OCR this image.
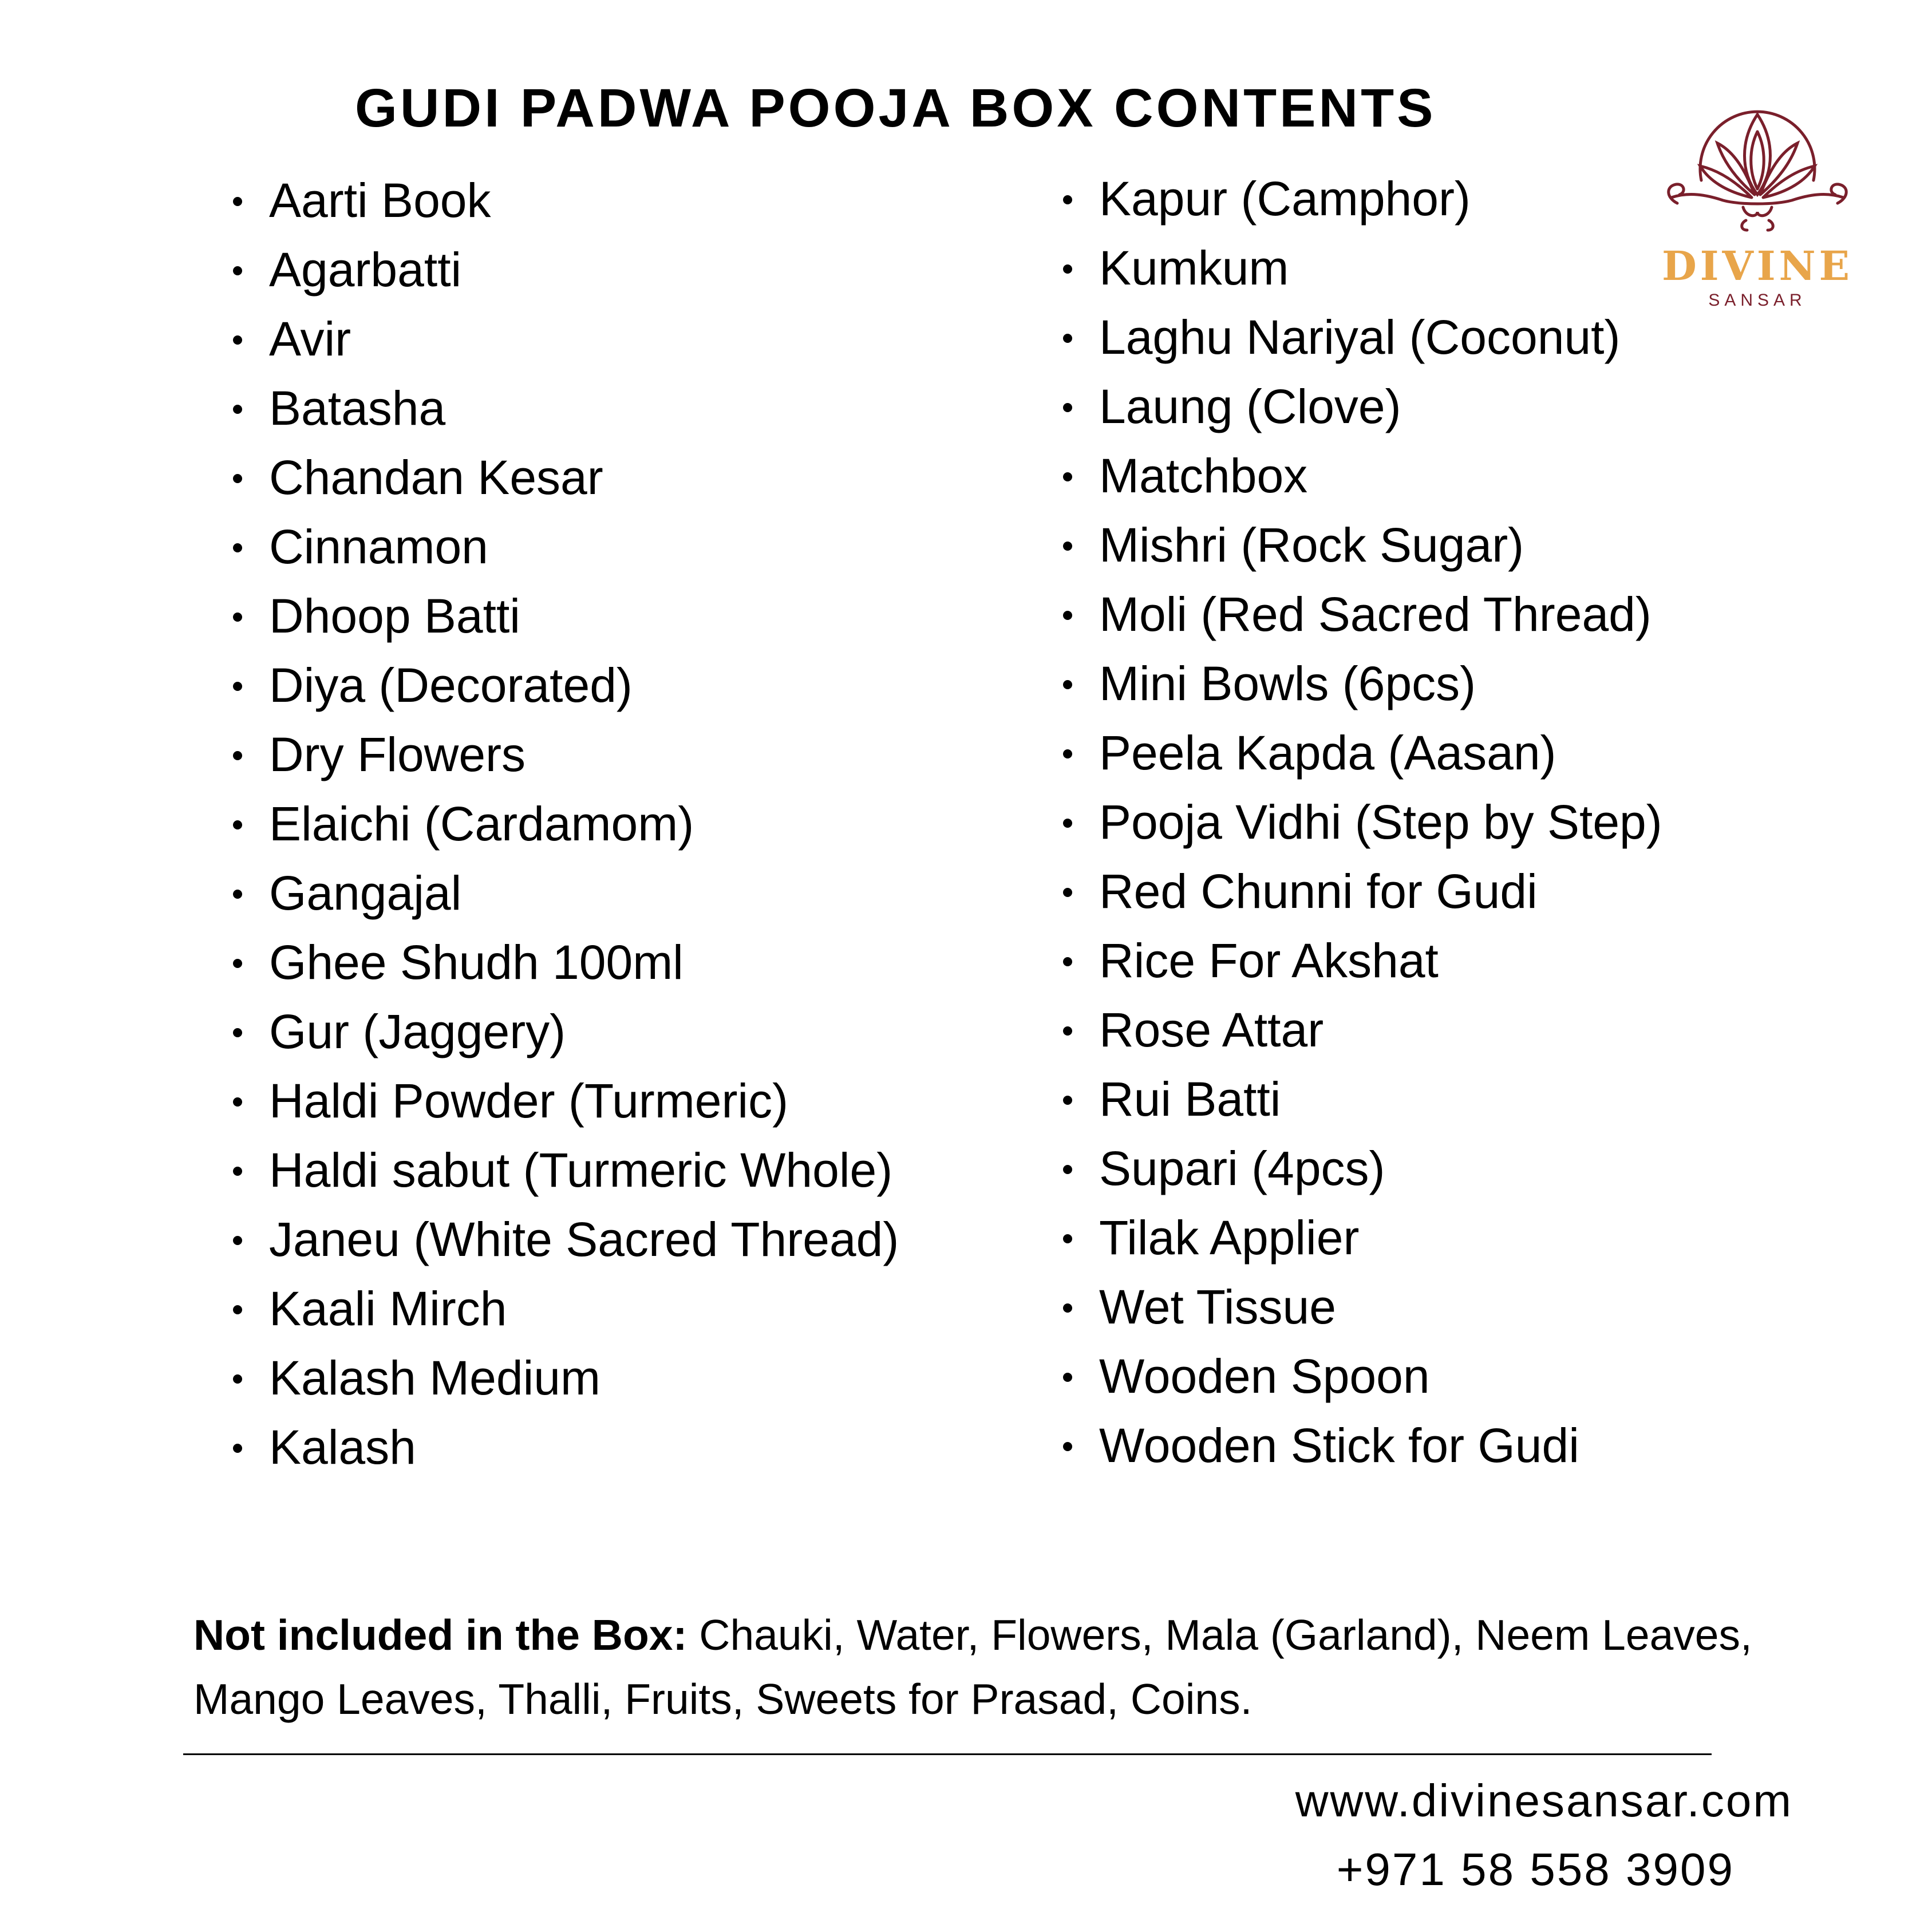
GUDI PADWA POOJA BOX CONTENTS
DIVINE
SANSAR
Aarti Book
Agarbatti
Avir
Batasha
Chandan Kesar
Cinnamon
Dhoop Batti
Diya (Decorated)
Dry Flowers
Elaichi (Cardamom)
Gangajal
Ghee Shudh 100ml
Gur (Jaggery)
Haldi Powder (Turmeric)
Haldi sabut (Turmeric Whole)
Janeu (White Sacred Thread)
Kaali Mirch
Kalash Medium
Kalash
Kapur (Camphor)
Kumkum
Laghu Nariyal (Coconut)
Laung (Clove)
Matchbox
Mishri (Rock Sugar)
Moli (Red Sacred Thread)
Mini Bowls (6pcs)
Peela Kapda (Aasan)
Pooja Vidhi (Step by Step)
Red Chunni for Gudi
Rice For Akshat
Rose Attar
Rui Batti
Supari (4pcs)
Tilak Applier
Wet Tissue
Wooden Spoon
Wooden Stick for Gudi

Not included in the Box: Chauki, Water, Flowers, Mala (Garland), Neem Leaves, Mango Leaves, Thalli, Fruits, Sweets for Prasad, Coins.

www.divinesansar.com

+971 58 558 3909
